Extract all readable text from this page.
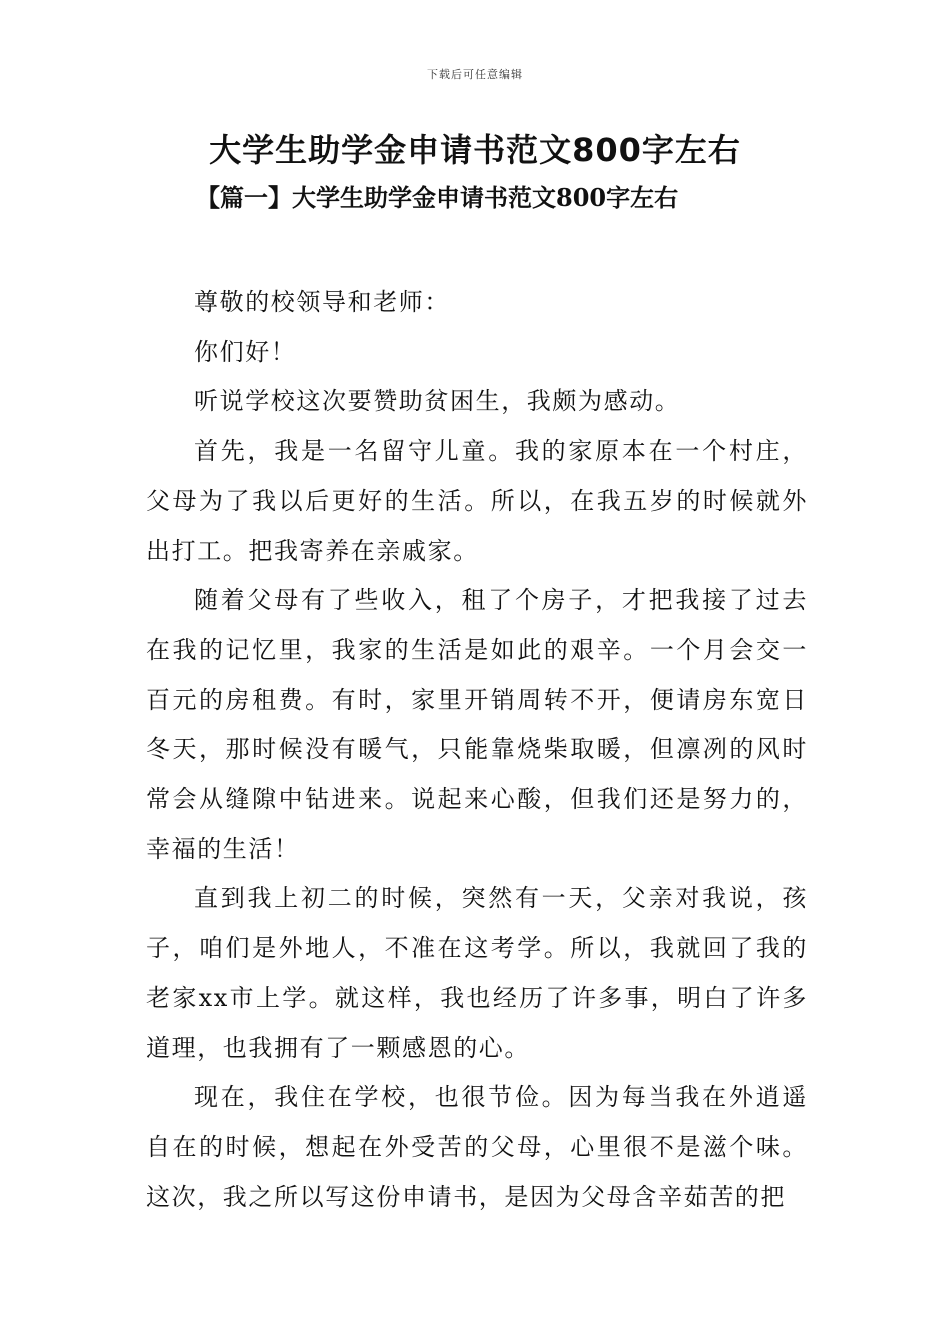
下载后可任意编辑
大学生助学金申请书范文800字左右
【篇一】大学生助学金申请书范文800字左右

尊敬的校领导和老师：

你们好！

听说学校这次要赞助贫困生，我颇为感动。

首先，我是一名留守儿童。我的家原本在一个村庄，父母为了我以后更好的生活。所以，在我五岁的时候就外出打工。把我寄养在亲戚家。

随着父母有了些收入，租了个房子，才把我接了过去在我的记忆里，我家的生活是如此的艰辛。一个月会交一百元的房租费。有时，家里开销周转不开，便请房东宽日冬天，那时候没有暖气，只能靠烧柴取暖，但凛冽的风时常会从缝隙中钻进来。说起来心酸，但我们还是努力的，幸福的生活！

直到我上初二的时候，突然有一天，父亲对我说，孩子，咱们是外地人，不准在这考学。所以，我就回了我的老家xx市上学。就这样，我也经历了许多事，明白了许多道理，也我拥有了一颗感恩的心。

现在，我住在学校，也很节俭。因为每当我在外逍遥自在的时候，想起在外受苦的父母，心里很不是滋个味。这次，我之所以写这份申请书，是因为父母含辛茹苦的把
